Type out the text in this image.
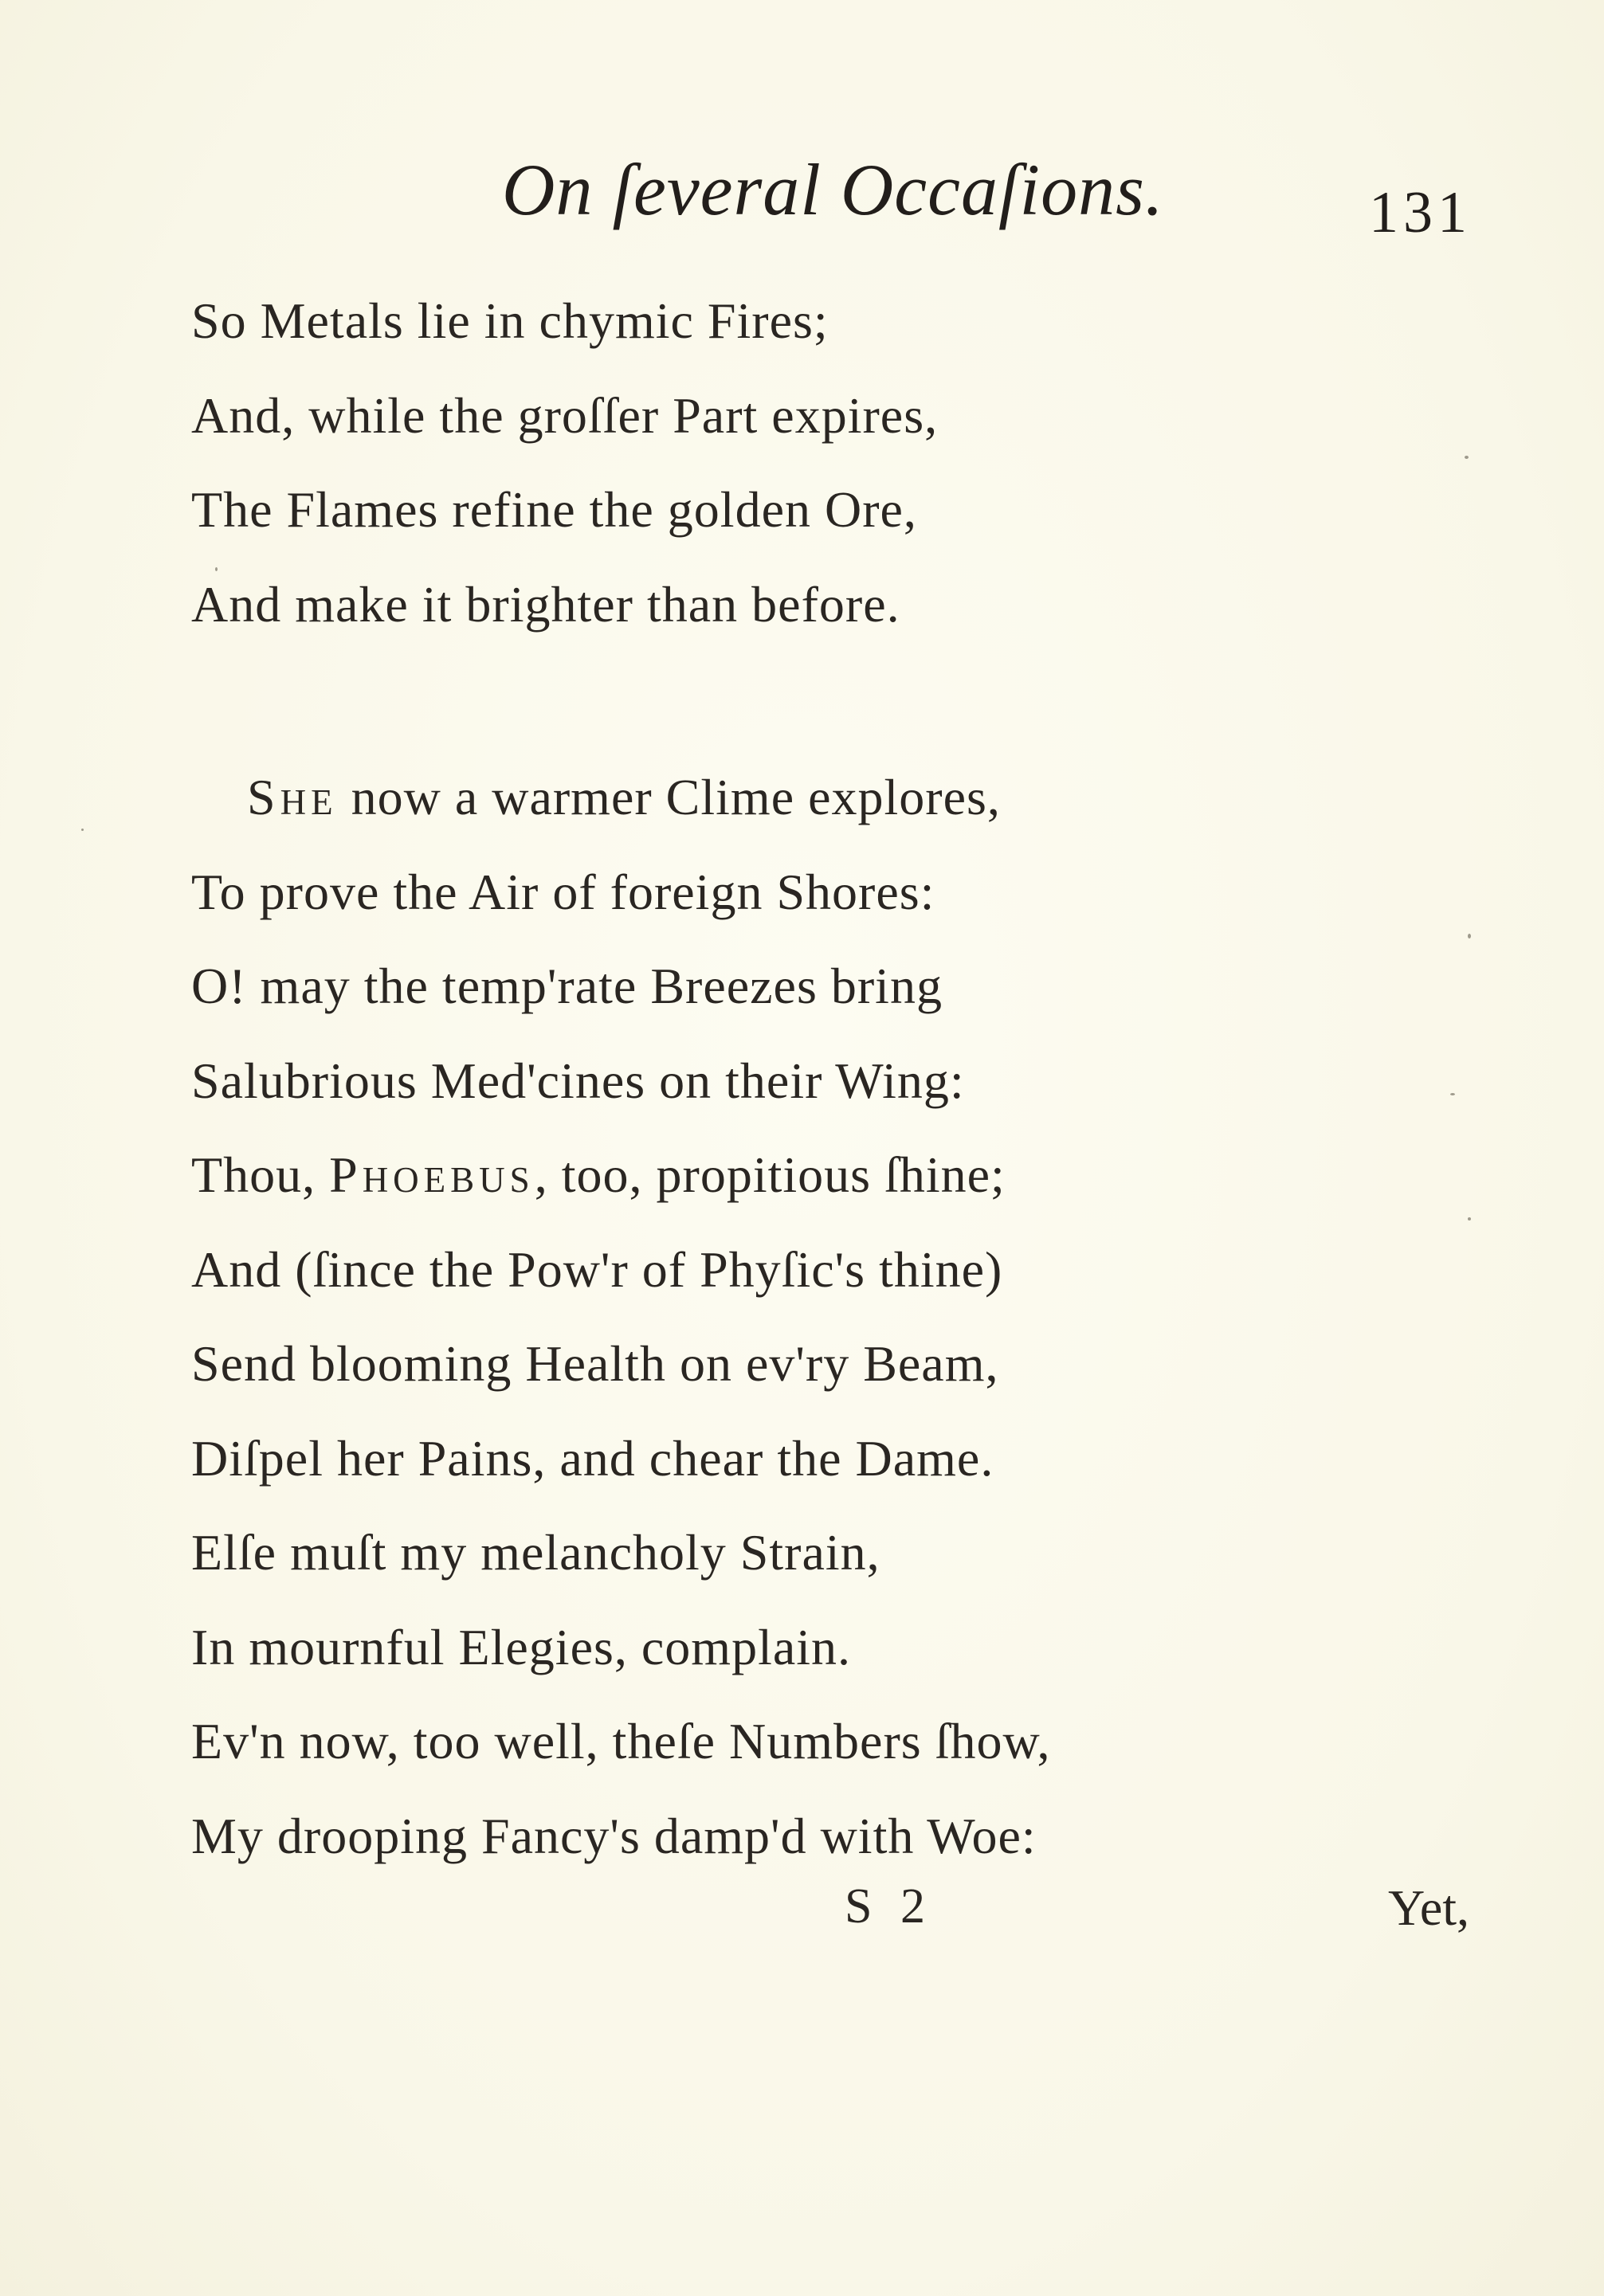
On ſeveral Occaſions.	131
So Metals lie in chymic Fires;
And, while the groſſer Part expires,
The Flames refine the golden Ore,
And make it brighter than before.
She now a warmer Clime explores,
To prove the Air of foreign Shores:
O! may the temp'rate Breezes bring
Salubrious Med'cines on their Wing:
Thou, Phoebus, too, propitious ſhine;
And (ſince the Pow'r of Phyſic's thine)
Send blooming Health on ev'ry Beam,
Diſpel her Pains, and chear the Dame.
Elſe muſt my melancholy Strain,
In mournful Elegies, complain.
Ev'n now, too well, theſe Numbers ſhow,
My drooping Fancy's damp'd with Woe:
S 2	Yet,
